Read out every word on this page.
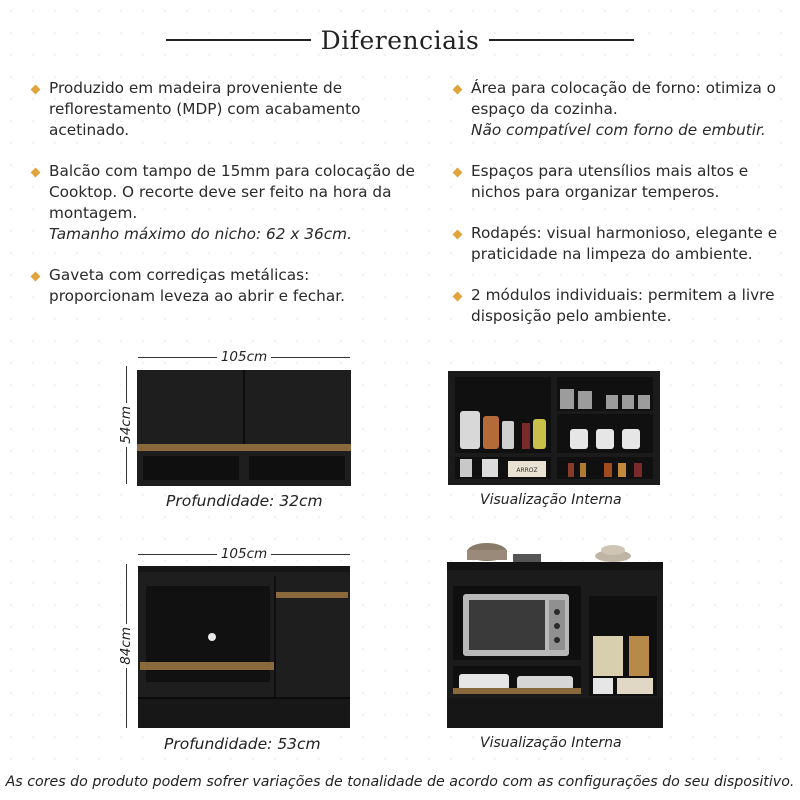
Diferenciais
Produzido em madeira proveniente de reflorestamento (MDP) com acabamento acetinado.
Balcão com tampo de 15mm para colocação de Cooktop. O recorte deve ser feito na hora da montagem.
Tamanho máximo do nicho: 62 x 36cm.
Gaveta com corrediças metálicas: proporcionam leveza ao abrir e fechar.
Área para colocação de forno: otimiza o espaço da cozinha.
Não compatível com forno de embutir.
Espaços para utensílios mais altos e nichos para organizar temperos.
Rodapés: visual harmonioso, elegante e praticidade na limpeza do ambiente.
2 módulos individuais: permitem a livre disposição pelo ambiente.
105cm
54cm
Profundidade: 32cm
ARROZ
Visualização Interna
105cm
84cm
Profundidade: 53cm	Visualização Interna
As cores do produto podem sofrer variações de tonalidade de acordo com as configurações do seu dispositivo.
